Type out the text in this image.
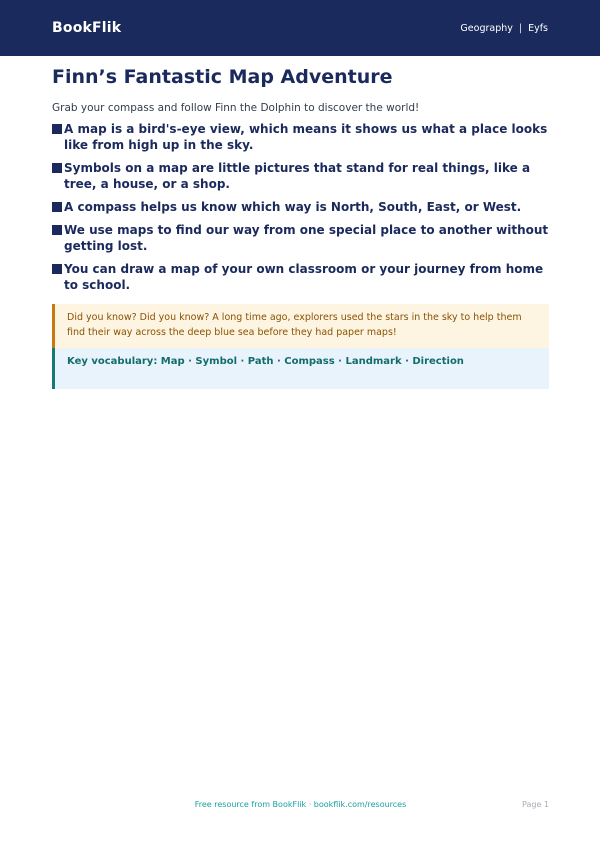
BookFlik	Geography | Eyfs
Finn’s Fantastic Map Adventure

Grab your compass and follow Finn the Dolphin to discover the world!

A map is a bird's-eye view, which means it shows us what a place looks like from high up in the sky.
Symbols on a map are little pictures that stand for real things, like a tree, a house, or a shop.
A compass helps us know which way is North, South, East, or West.
We use maps to find our way from one special place to another without getting lost.
You can draw a map of your own classroom or your journey from home to school.
Did you know? Did you know? A long time ago, explorers used the stars in the sky to help them find their way across the deep blue sea before they had paper maps!
Key vocabulary: Map · Symbol · Path · Compass · Landmark · Direction
Free resource from BookFlik · bookflik.com/resources	Page 1
